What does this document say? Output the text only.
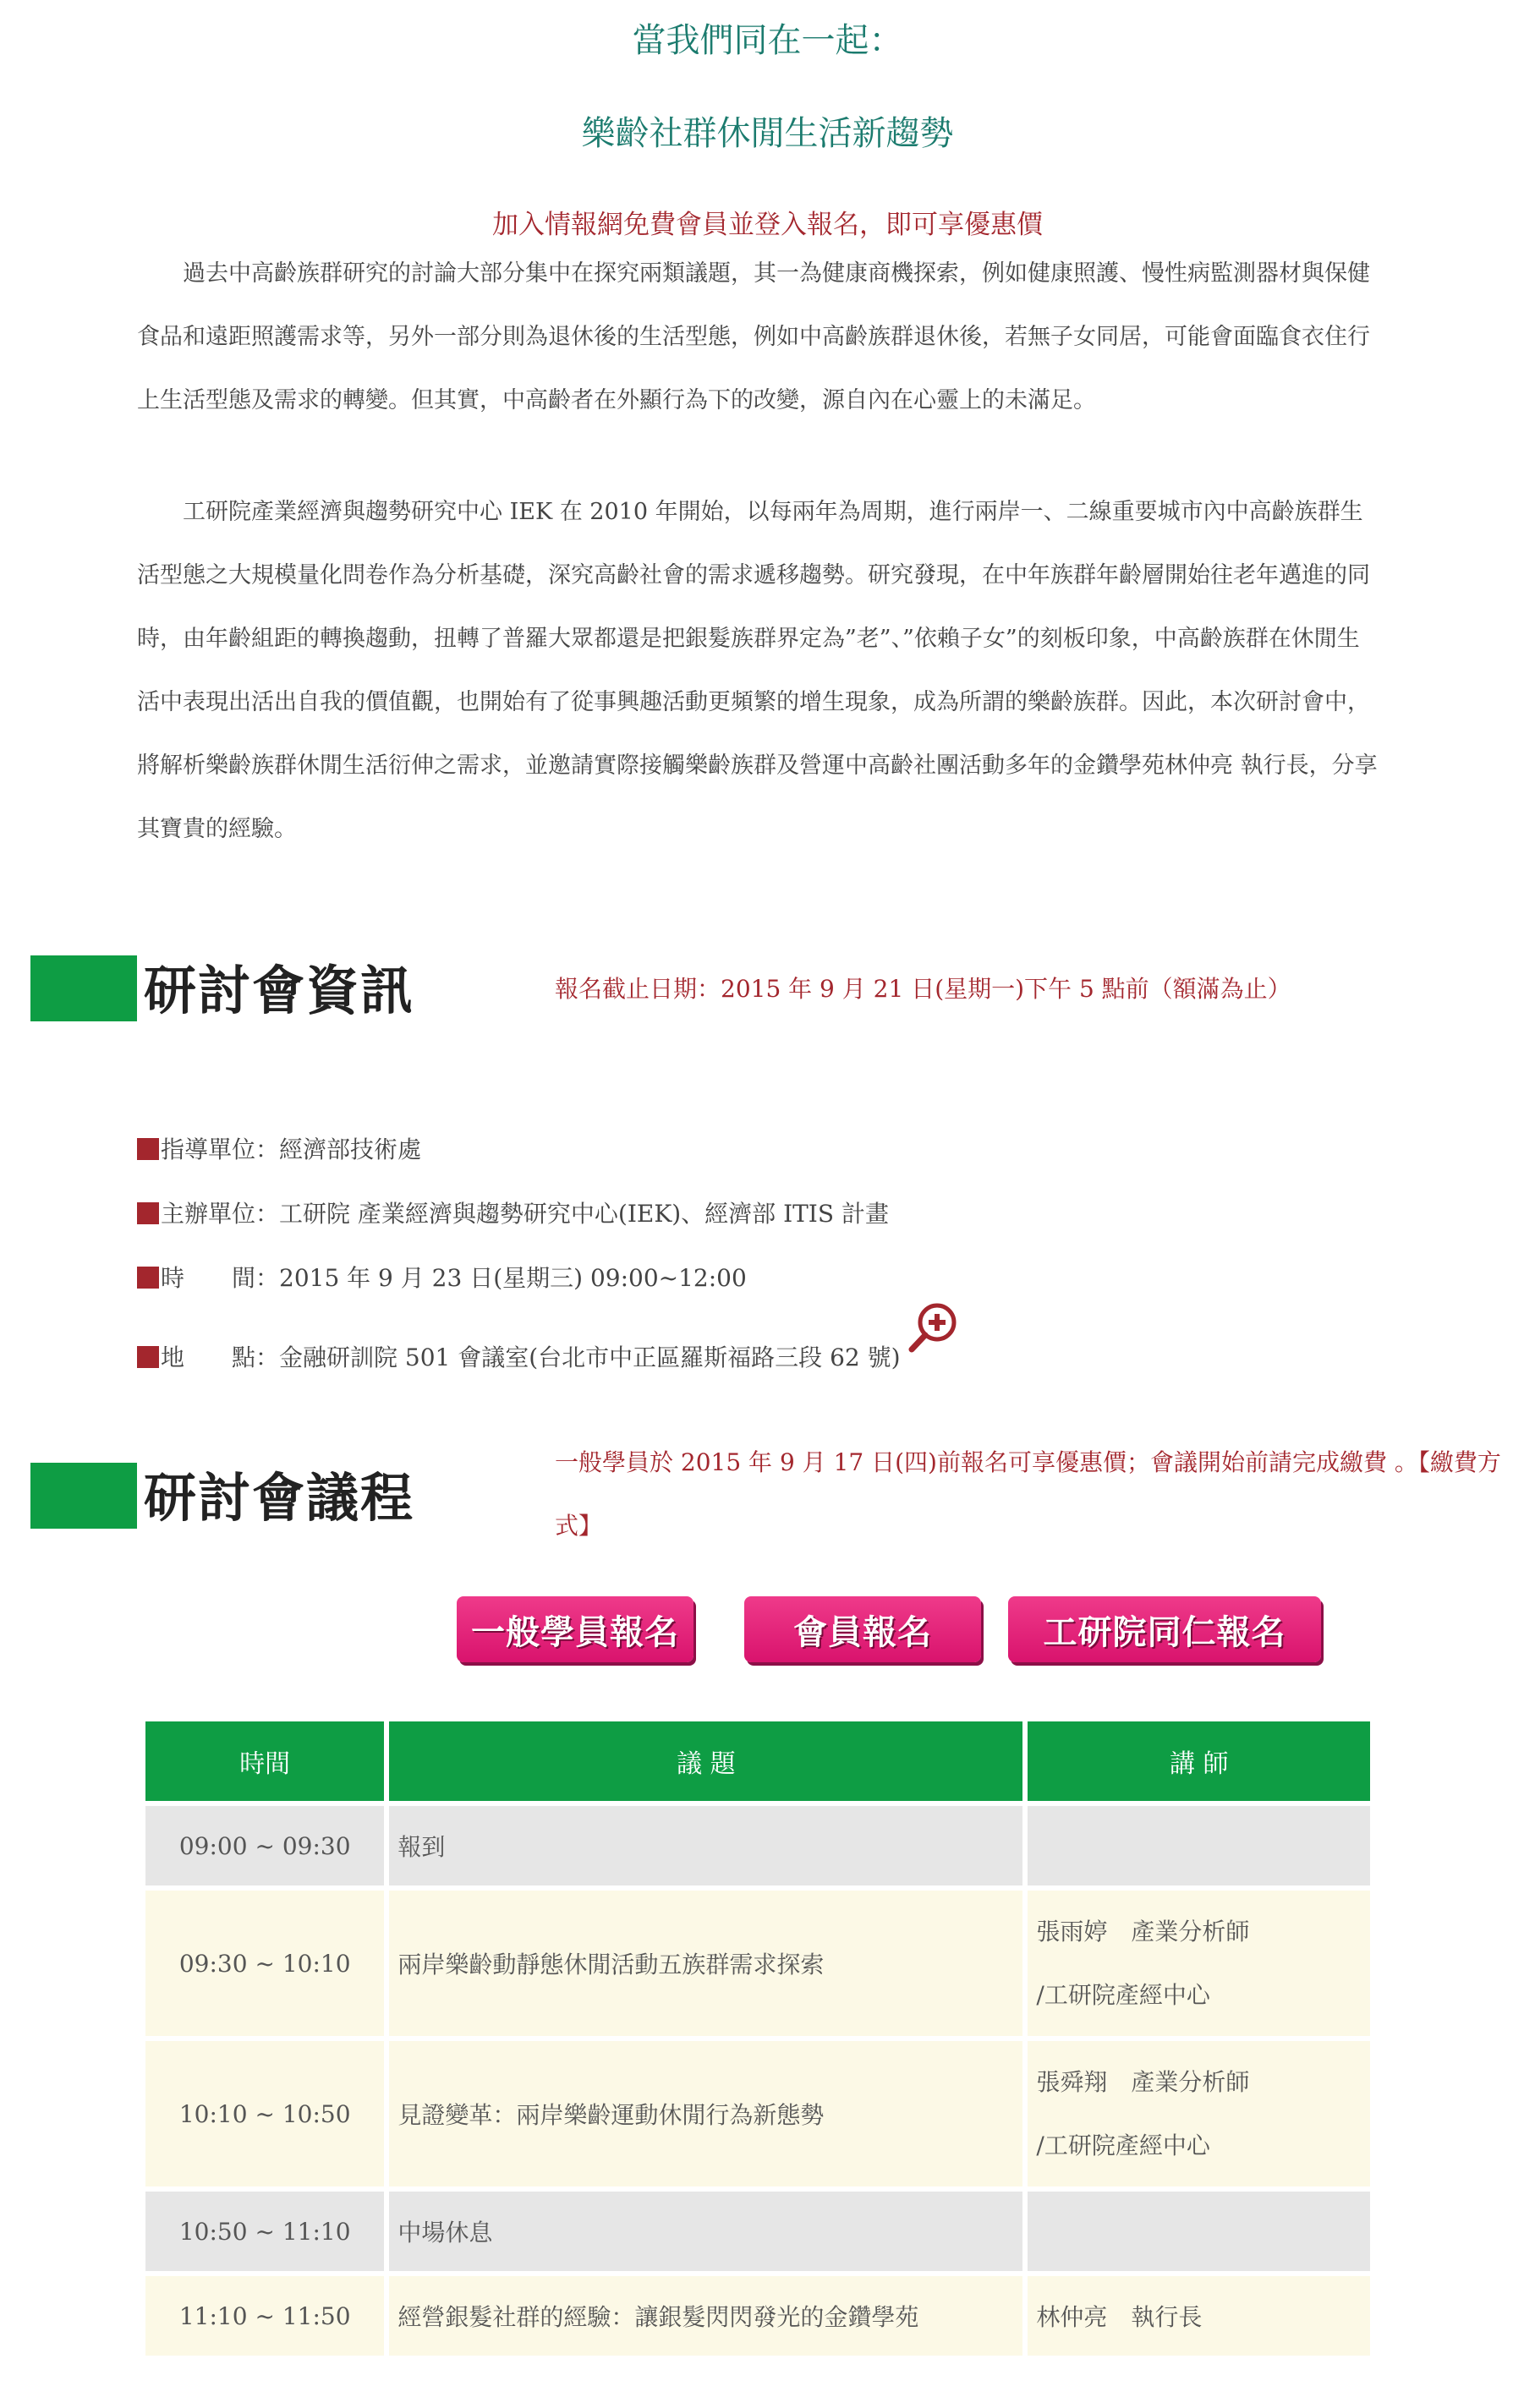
當我們同在一起：
樂齡社群休閒生活新趨勢
加入情報網免費會員並登入報名，即可享優惠價

過去中高齡族群研究的討論大部分集中在探究兩類議題，其一為健康商機探索，例如健康照護、慢性病監測器材與保健食品和遠距照護需求等，另外一部分則為退休後的生活型態，例如中高齡族群退休後，若無子女同居，可能會面臨食衣住行上生活型態及需求的轉變。但其實，中高齡者在外顯行為下的改變，源自內在心靈上的未滿足。

工研院產業經濟與趨勢研究中心 IEK 在 2010 年開始，以每兩年為周期，進行兩岸一、二線重要城市內中高齡族群生活型態之大規模量化問卷作為分析基礎，深究高齡社會的需求遞移趨勢。研究發現，在中年族群年齡層開始往老年邁進的同時，由年齡組距的轉換趨動，扭轉了普羅大眾都還是把銀髮族群界定為”老”、”依賴子女”的刻板印象，中高齡族群在休閒生活中表現出活出自我的價值觀，也開始有了從事興趣活動更頻繁的增生現象，成為所謂的樂齡族群。因此，本次研討會中，將解析樂齡族群休閒生活衍伸之需求，並邀請實際接觸樂齡族群及營運中高齡社團活動多年的金鑽學苑林仲亮 執行長，分享其寶貴的經驗。

研討會資訊	報名截止日期：2015 年 9 月 21 日(星期一)下午 5 點前（額滿為止）
指導單位：經濟部技術處
主辦單位：工研院 產業經濟與趨勢研究中心(IEK)、經濟部 ITIS 計畫
時　　間：2015 年 9 月 23 日(星期三) 09:00~12:00
地　　點：金融研訓院 501 會議室(台北市中正區羅斯福路三段 62 號)
研討會議程
一般學員於 2015 年 9 月 17 日(四)前報名可享優惠價；會議開始前請完成繳費 。【繳費方式】
一般學員報名	會員報名	工研院同仁報名
時間	議 題	講 師
09:00 ~ 09:30	報到	
09:30 ~ 10:10	兩岸樂齡動靜態休閒活動五族群需求探索	張雨婷　產業分析師
/工研院產經中心

10:10 ~ 10:50	見證變革：兩岸樂齡運動休閒行為新態勢	張舜翔　產業分析師
/工研院產經中心

10:50 ~ 11:10	中場休息	
11:10 ~ 11:50	經營銀髮社群的經驗：讓銀髮閃閃發光的金鑽學苑	林仲亮　執行長
